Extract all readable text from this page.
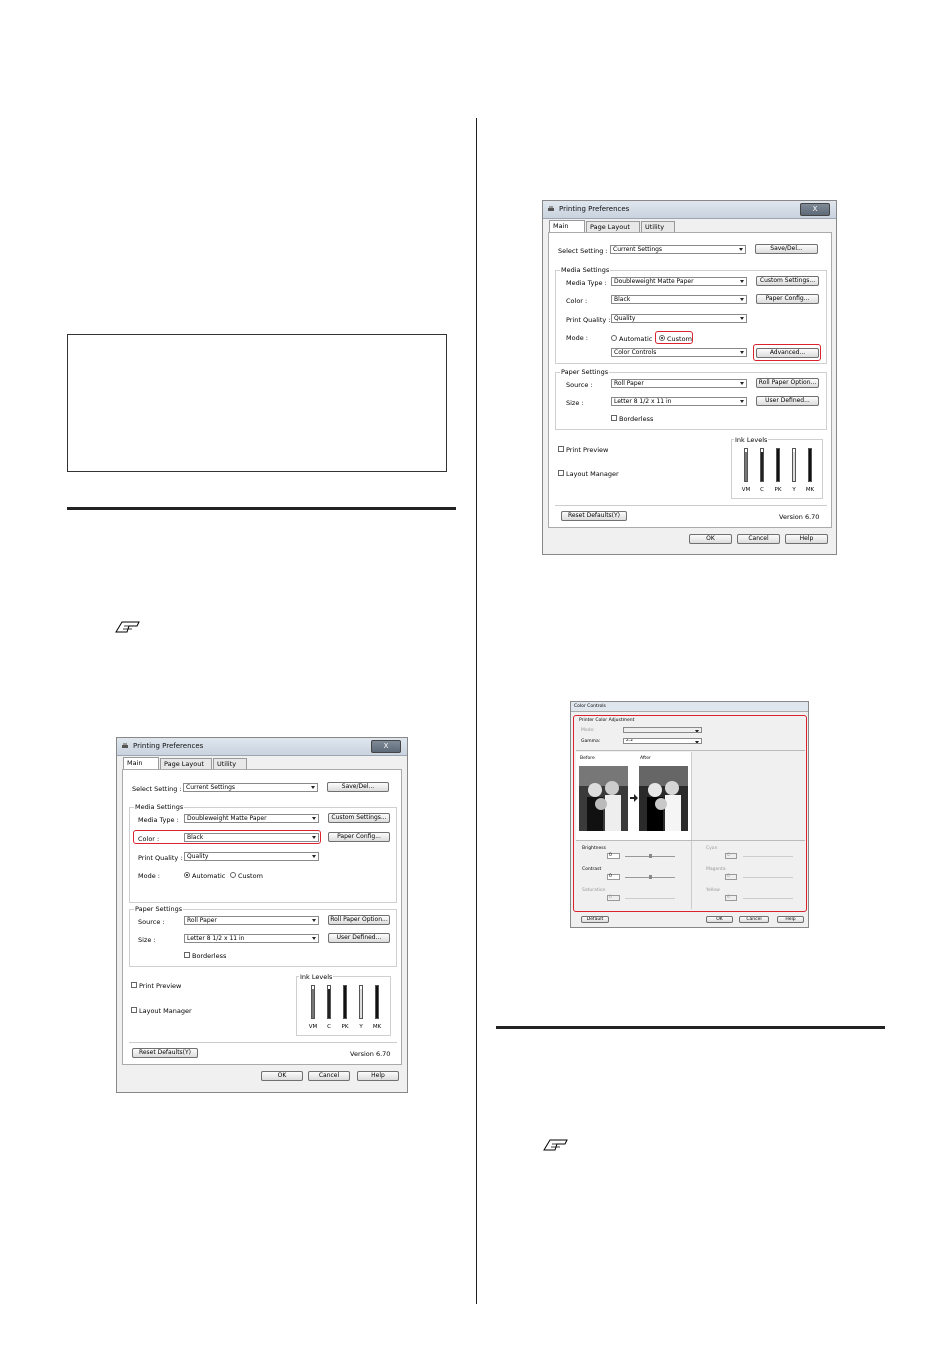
Printing Preferences	X
Main	Page Layout	Utility
Select Setting : Current Settings	Save/Del...
Media Settings
Media Type :	Doubleweight Matte Paper	Custom Settings...
Color :	Black	Paper Config...
Print Quality : Quality
Mode :	Automatic Custom
Paper Settings
Source :	Roll Paper	Roll Paper Option...
Size :	Letter 8 1/2 x 11 in	User Defined...
Borderless
Print Preview
Layout Manager
Ink Levels
VM	C	PK	Y	MK
Reset Defaults(Y)	Version 6.70
OK	Cancel	Help
Printing Preferences	X
Main	Page Layout	Utility
Select Setting : Current Settings	Save/Del...
Media Settings
Media Type :	Doubleweight Matte Paper	Custom Settings...
Color :	Black	Paper Config...
Print Quality : Quality
Mode :	Automatic Custom
Color Controls	Advanced...
Paper Settings
Source :	Roll Paper	Roll Paper Option...
Size :	Letter 8 1/2 x 11 in	User Defined...
Borderless
Print Preview
Layout Manager
Ink Levels
VM	C	PK	Y	MK
Reset Defaults(Y)	Version 6.70
OK	Cancel	Help
Color Controls
Printer Color Adjustment
Mode:
Gamma:	2.2
Before	After
Brightness
0
Contrast
0
Saturation
0
Cyan
0
Magenta
0
Yellow
0
Default	OK	Cancel	Help
